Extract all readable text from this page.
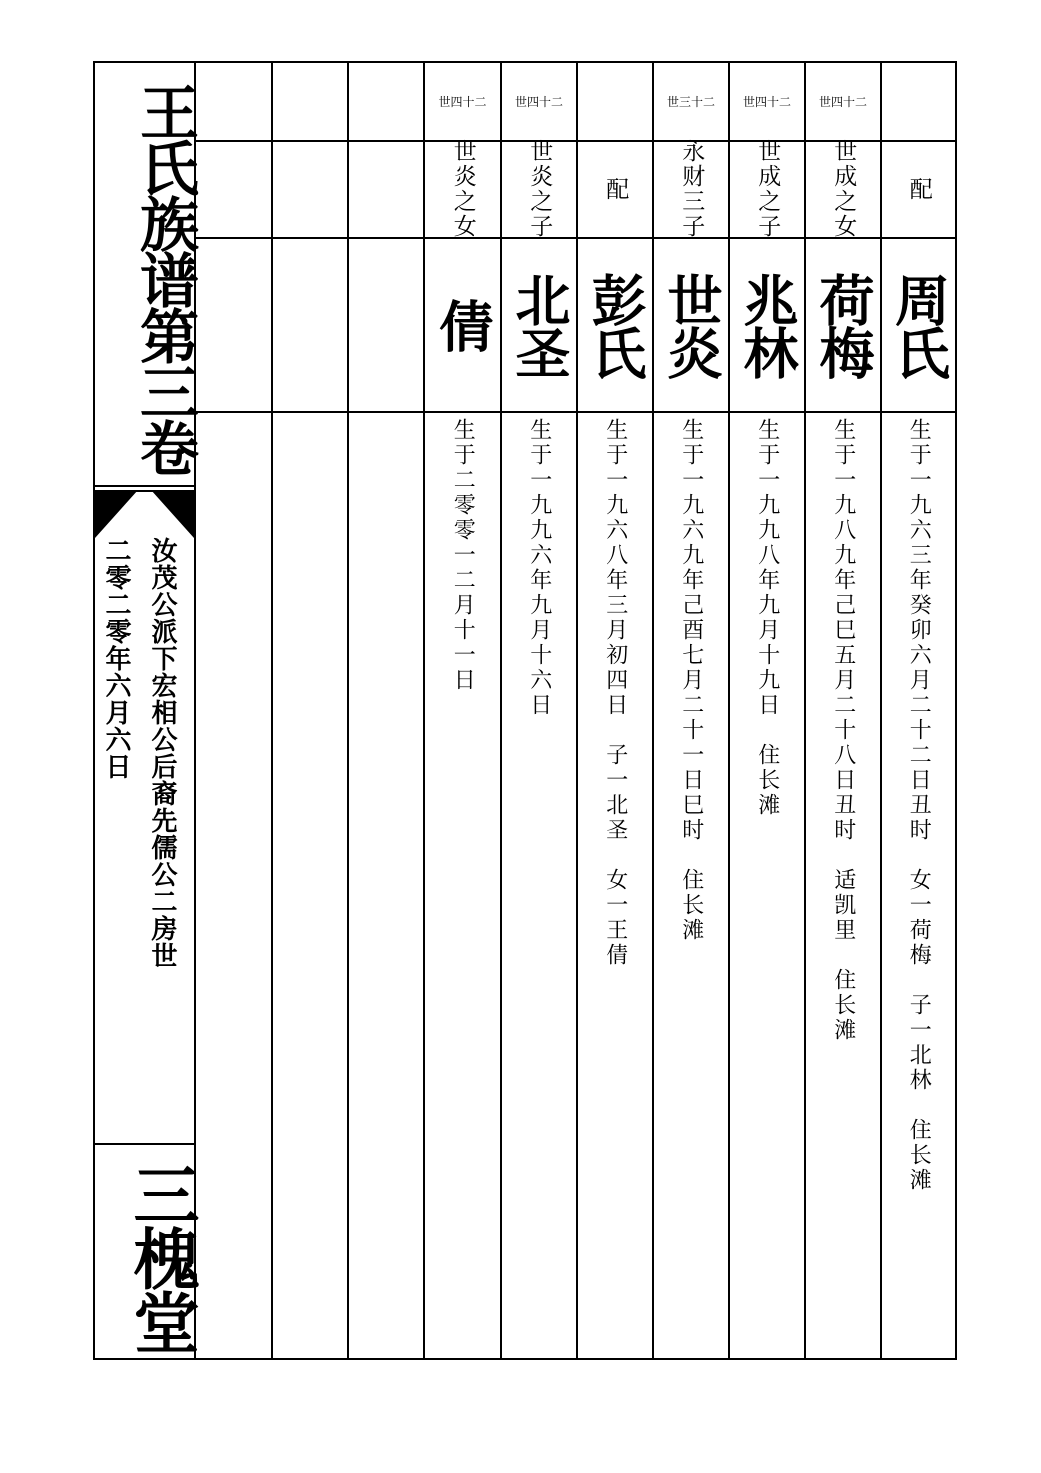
王氏族谱第三卷
汝茂公派下宏相公后裔先儒公二房世
二零二零年六月六日
三槐堂
二十四世
世炎之女
倩
生于二零零一二月十一日
二十四世
世炎之子
北圣
生于一九九六年九月十六日
配
彭氏
生于一九六八年三月初四日　子一北圣　女一王倩
二十三世
永财三子
世炎
生于一九六九年己酉七月二十一日巳时　住长滩
二十四世
世成之子
兆林
生于一九九八年九月十九日　住长滩
二十四世
世成之女
荷梅
生于一九八九年己巳五月二十八日丑时　适凯里　住长滩
配
周氏
生于一九六三年癸卯六月二十二日丑时　女一荷梅　子一北林　住长滩
